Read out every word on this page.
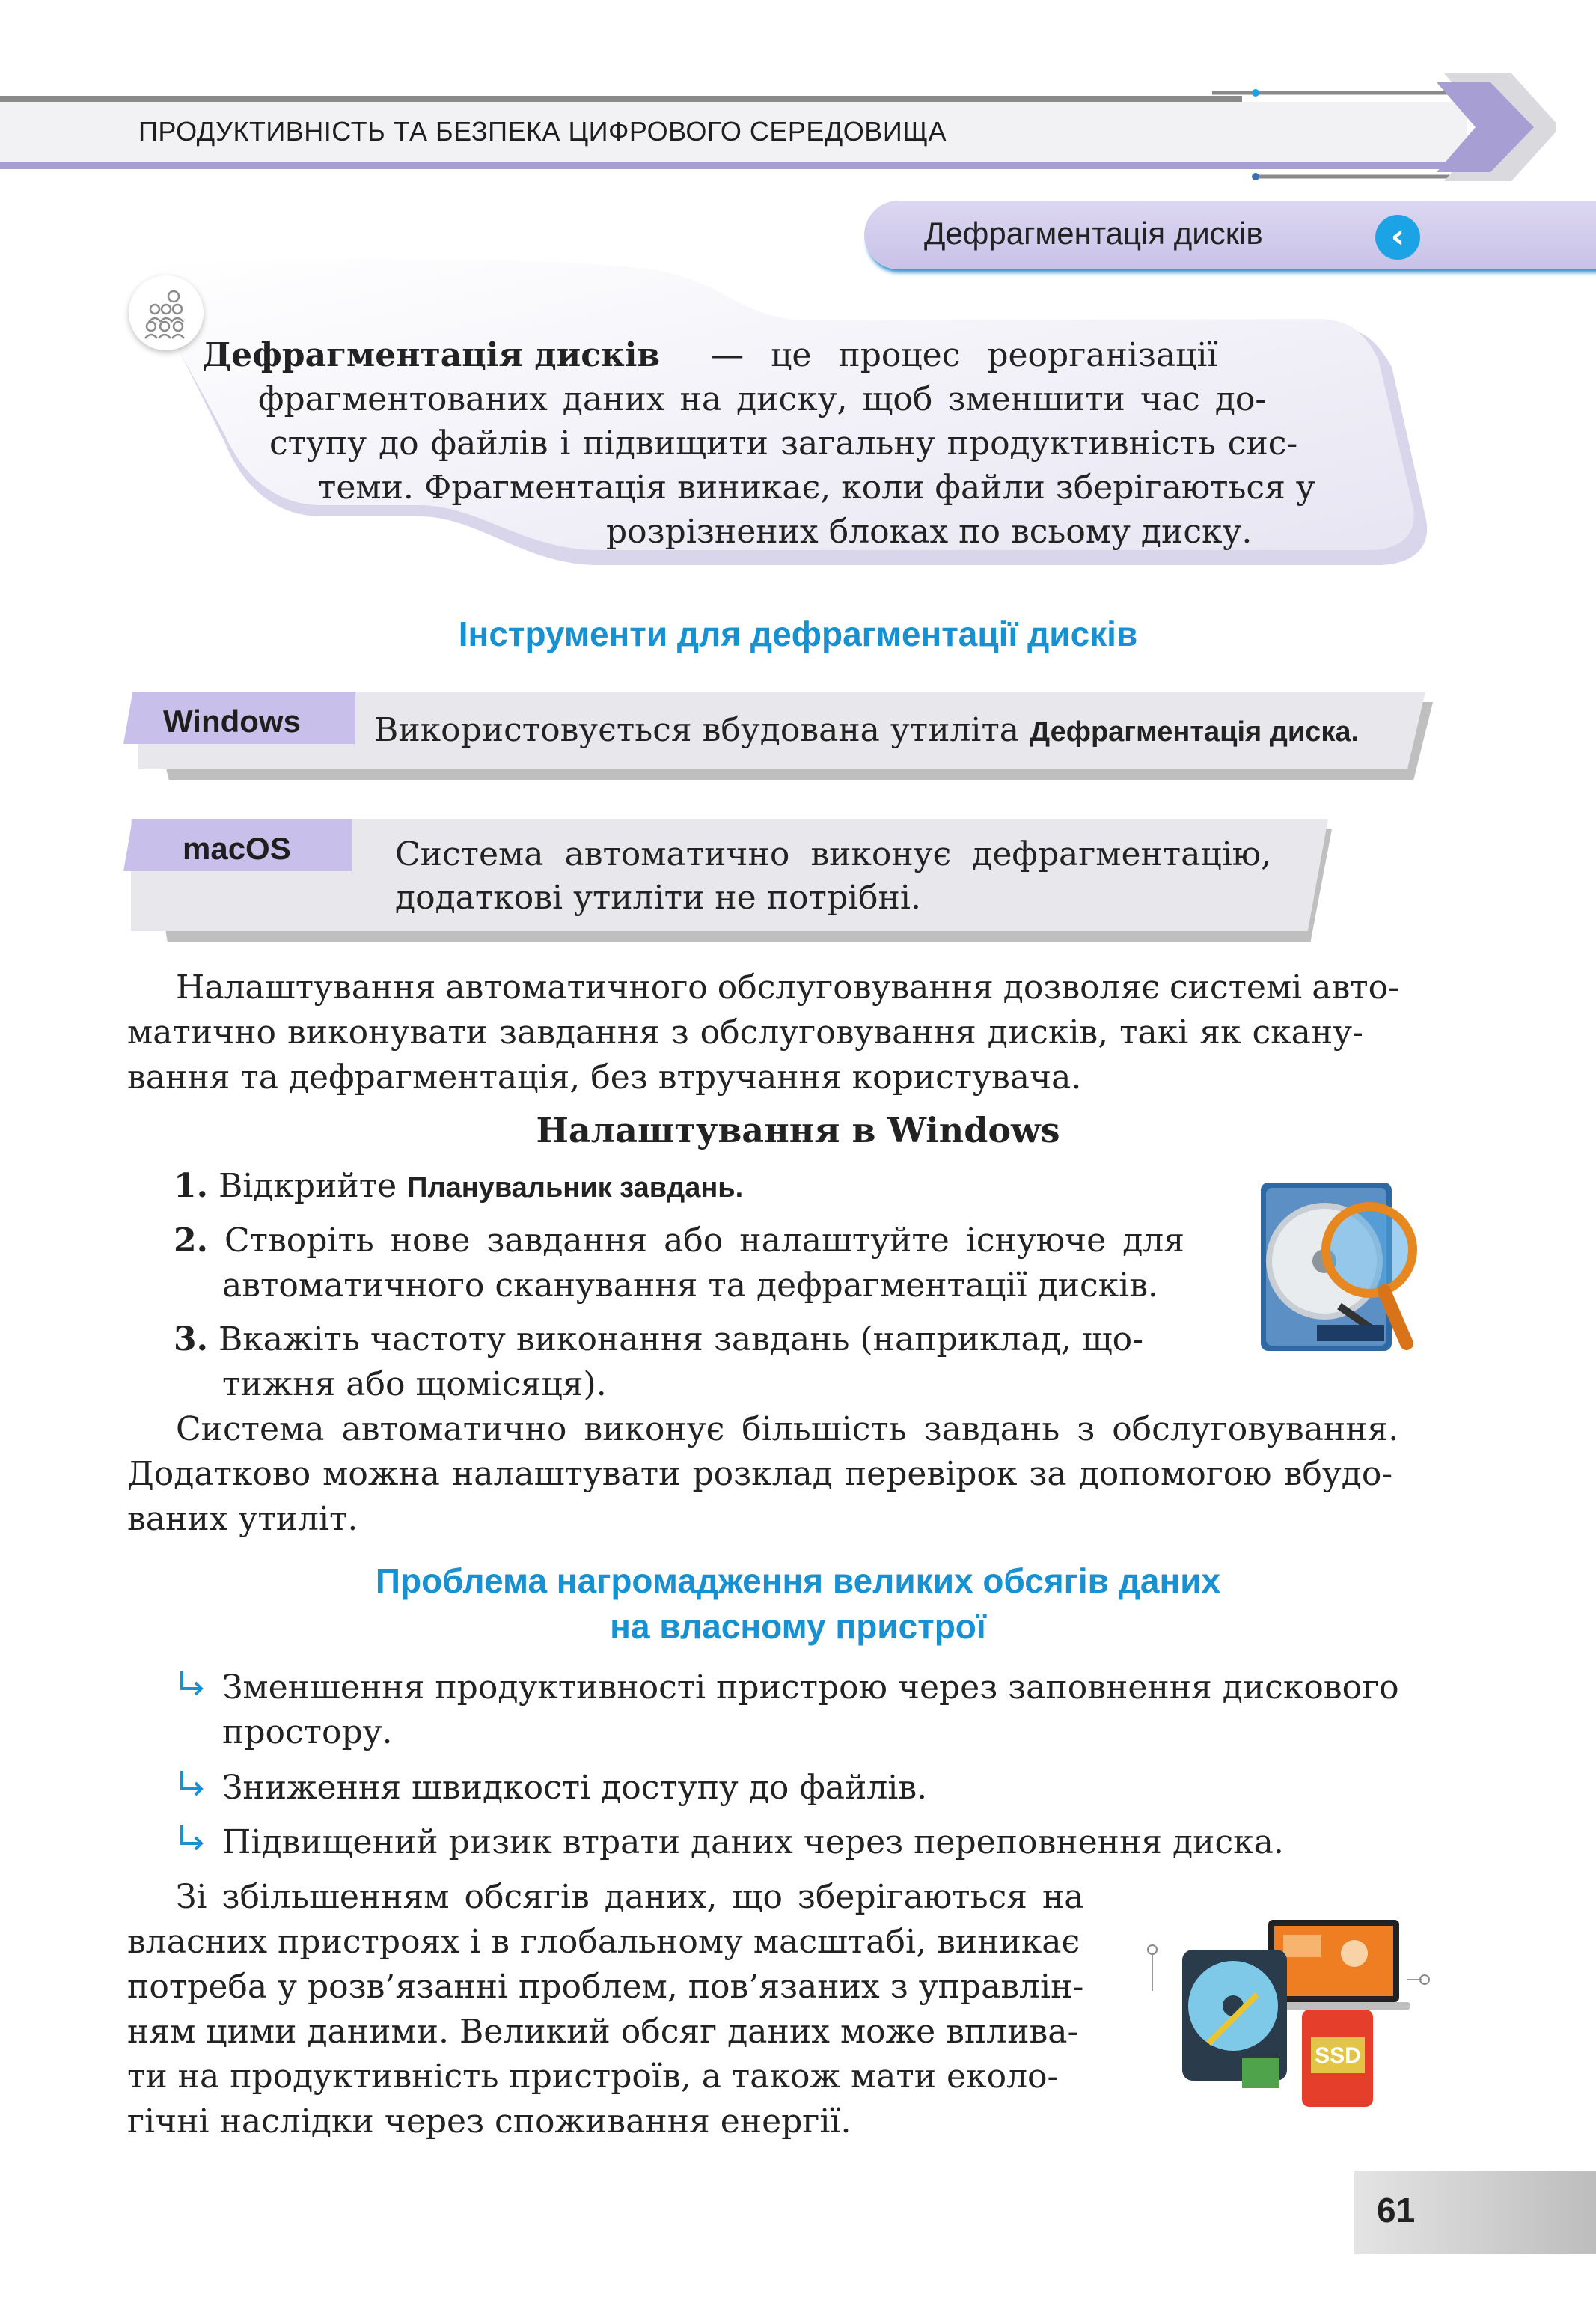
ПРОДУКТИВНІСТЬ ТА БЕЗПЕКА ЦИФРОВОГО СЕРЕДОВИЩА
Дефрагментація дисків	‹
Дефрагментація дисків — це процес реорганізації
фрагментованих даних на диску, щоб зменшити час до-
ступу до файлів і підвищити загальну продуктивність сис-
теми. Фрагментація виникає, коли файли зберігаються у
розрізнених блоках по всьому диску.
Інструменти для дефрагментації дисків
Windows Використовується вбудована утиліта Дефрагментація диска.
macOS	Система автоматично виконує дефрагментацію,
додаткові утиліти не потрібні.
Налаштування автоматичного обслуговування дозволяє системі авто-
матично виконувати завдання з обслуговування дисків, такі як скану-
вання та дефрагментація, без втручання користувача.
Налаштування в Windows
1. Відкрийте Планувальник завдань.
2. Створіть нове завдання або налаштуйте існуюче для
автоматичного сканування та дефрагментації дисків.
3. Вкажіть частоту виконання завдань (наприклад, що-
тижня або щомісяця).
Система автоматично виконує більшість завдань з обслуговування.
Додатково можна налаштувати розклад перевірок за допомогою вбудо-
ваних утиліт.
Проблема нагромадження великих обсягів даних
на власному пристрої
Зменшення продуктивності пристрою через заповнення дискового
простору.
Зниження швидкості доступу до файлів.
Підвищений ризик втрати даних через переповнення диска.
Зі збільшенням обсягів даних, що зберігаються на
власних пристроях і в глобальному масштабі, виникає
потреба у розв’язанні проблем, пов’язаних з управлін-
ням цими даними. Великий обсяг даних може вплива-
ти на продуктивність пристроїв, а також мати еколо-
гічні наслідки через споживання енергії.
SSD
61
